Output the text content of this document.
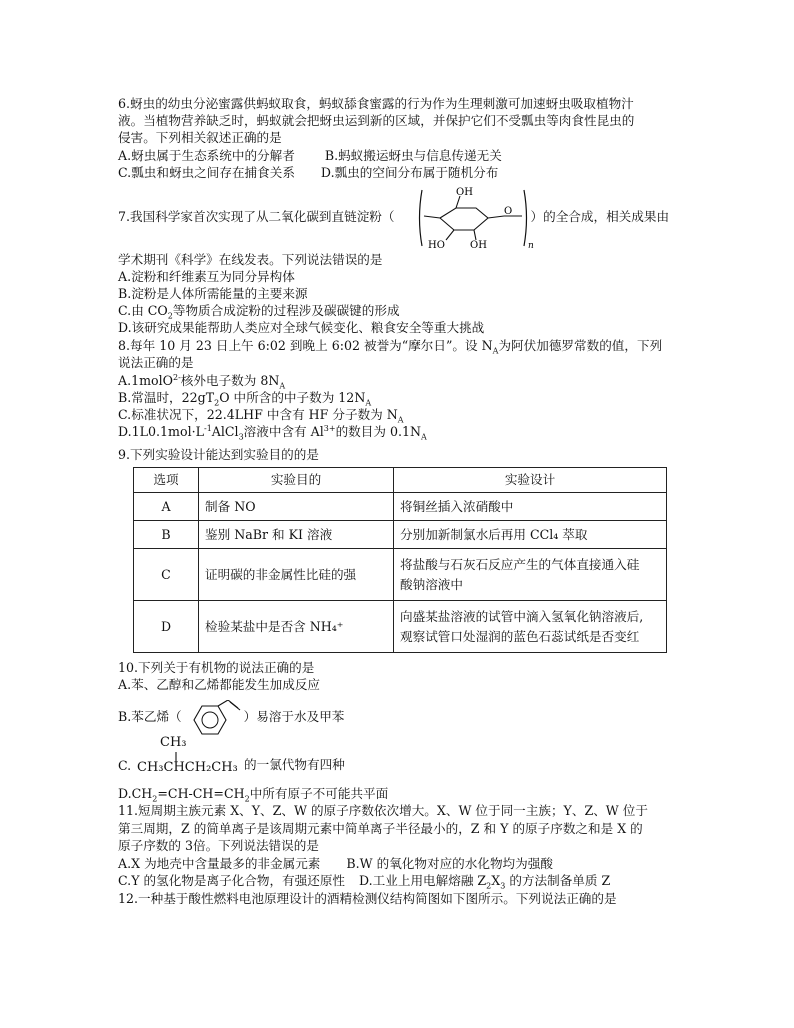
6.蚜虫的幼虫分泌蜜露供蚂蚁取食，蚂蚁舔食蜜露的行为作为生理刺激可加速蚜虫吸取植物汁
液。当植物营养缺乏时，蚂蚁就会把蚜虫运到新的区域，并保护它们不受瓢虫等肉食性昆虫的
侵害。下列相关叙述正确的是
A.蚜虫属于生态系统中的分解者 B.蚂蚁搬运蚜虫与信息传递无关
C.瓢虫和蚜虫之间存在捕食关系 D.瓢虫的空间分布属于随机分布
7.我国科学家首次实现了从二氧化碳到直链淀粉（	）的全合成，相关成果由
OH
HO	OH
O
n
学术期刊《科学》在线发表。下列说法错误的是
A.淀粉和纤维素互为同分异构体
B.淀粉是人体所需能量的主要来源
C.由 $CO_2$等物质合成淀粉的过程涉及碳碳键的形成
D.该研究成果能帮助人类应对全球气候变化、粮食安全等重大挑战
8.每年 10 月 23 日上午 6:02 到晚上 6:02 被誉为“摩尔日”。设 $N_A$为阿伏加德罗常数的值，下列
说法正确的是
A.1molO$^{2-}$核外电子数为 $8N_A$
B.常温时，$22gT_2O$ 中所含的中子数为 $12N_A$
C.标准状况下，22.4LHF 中含有 HF 分子数为 $N_A$
$D.1L0.1mol\cdot L^{-1}AlCl_3$溶液中含有 $Al^{3+}$的数目为 $0.1N_A$
9.下列实验设计能达到实验目的的是
选项	实验目的	实验设计
A	制备 NO	将铜丝插入浓硝酸中
B	鉴别 NaBr 和 KI 溶液	分别加新制氯水后再用 CCl₄ 萃取
C	证明碳的非金属性比硅的强	将盐酸与石灰石反应产生的气体直接通入硅
酸钠溶液中

D	检验某盐中是否含 NH₄⁺	向盛某盐溶液的试管中滴入氢氧化钠溶液后,
观察试管口处湿润的蓝色石蕊试纸是否变红
10.下列关于有机物的说法正确的是
A.苯、乙醇和乙烯都能发生加成反应
B.苯乙烯（	）易溶于水及甲苯
CH₃
C. CH₃CHCH₂CH₃ 的一氯代物有四种
$D.CH_2=CH-CH=CH_2$中所有原子不可能共平面
11.短周期主族元素 X、Y、Z、W 的原子序数依次增大。X、W 位于同一主族；Y、Z、W 位于
第三周期，Z 的简单离子是该周期元素中简单离子半径最小的，Z 和 Y 的原子序数之和是 X 的
原子序数的 3倍。下列说法错误的是
A.X 为地壳中含量最多的非金属元素 B.W 的氧化物对应的水化物均为强酸
C.Y 的氢化物是离子化合物，有强还原性 D.工业上用电解熔融 $Z_2X_3$ 的方法制备单质 Z
12.一种基于酸性燃料电池原理设计的酒精检测仪结构简图如下图所示。下列说法正确的是
